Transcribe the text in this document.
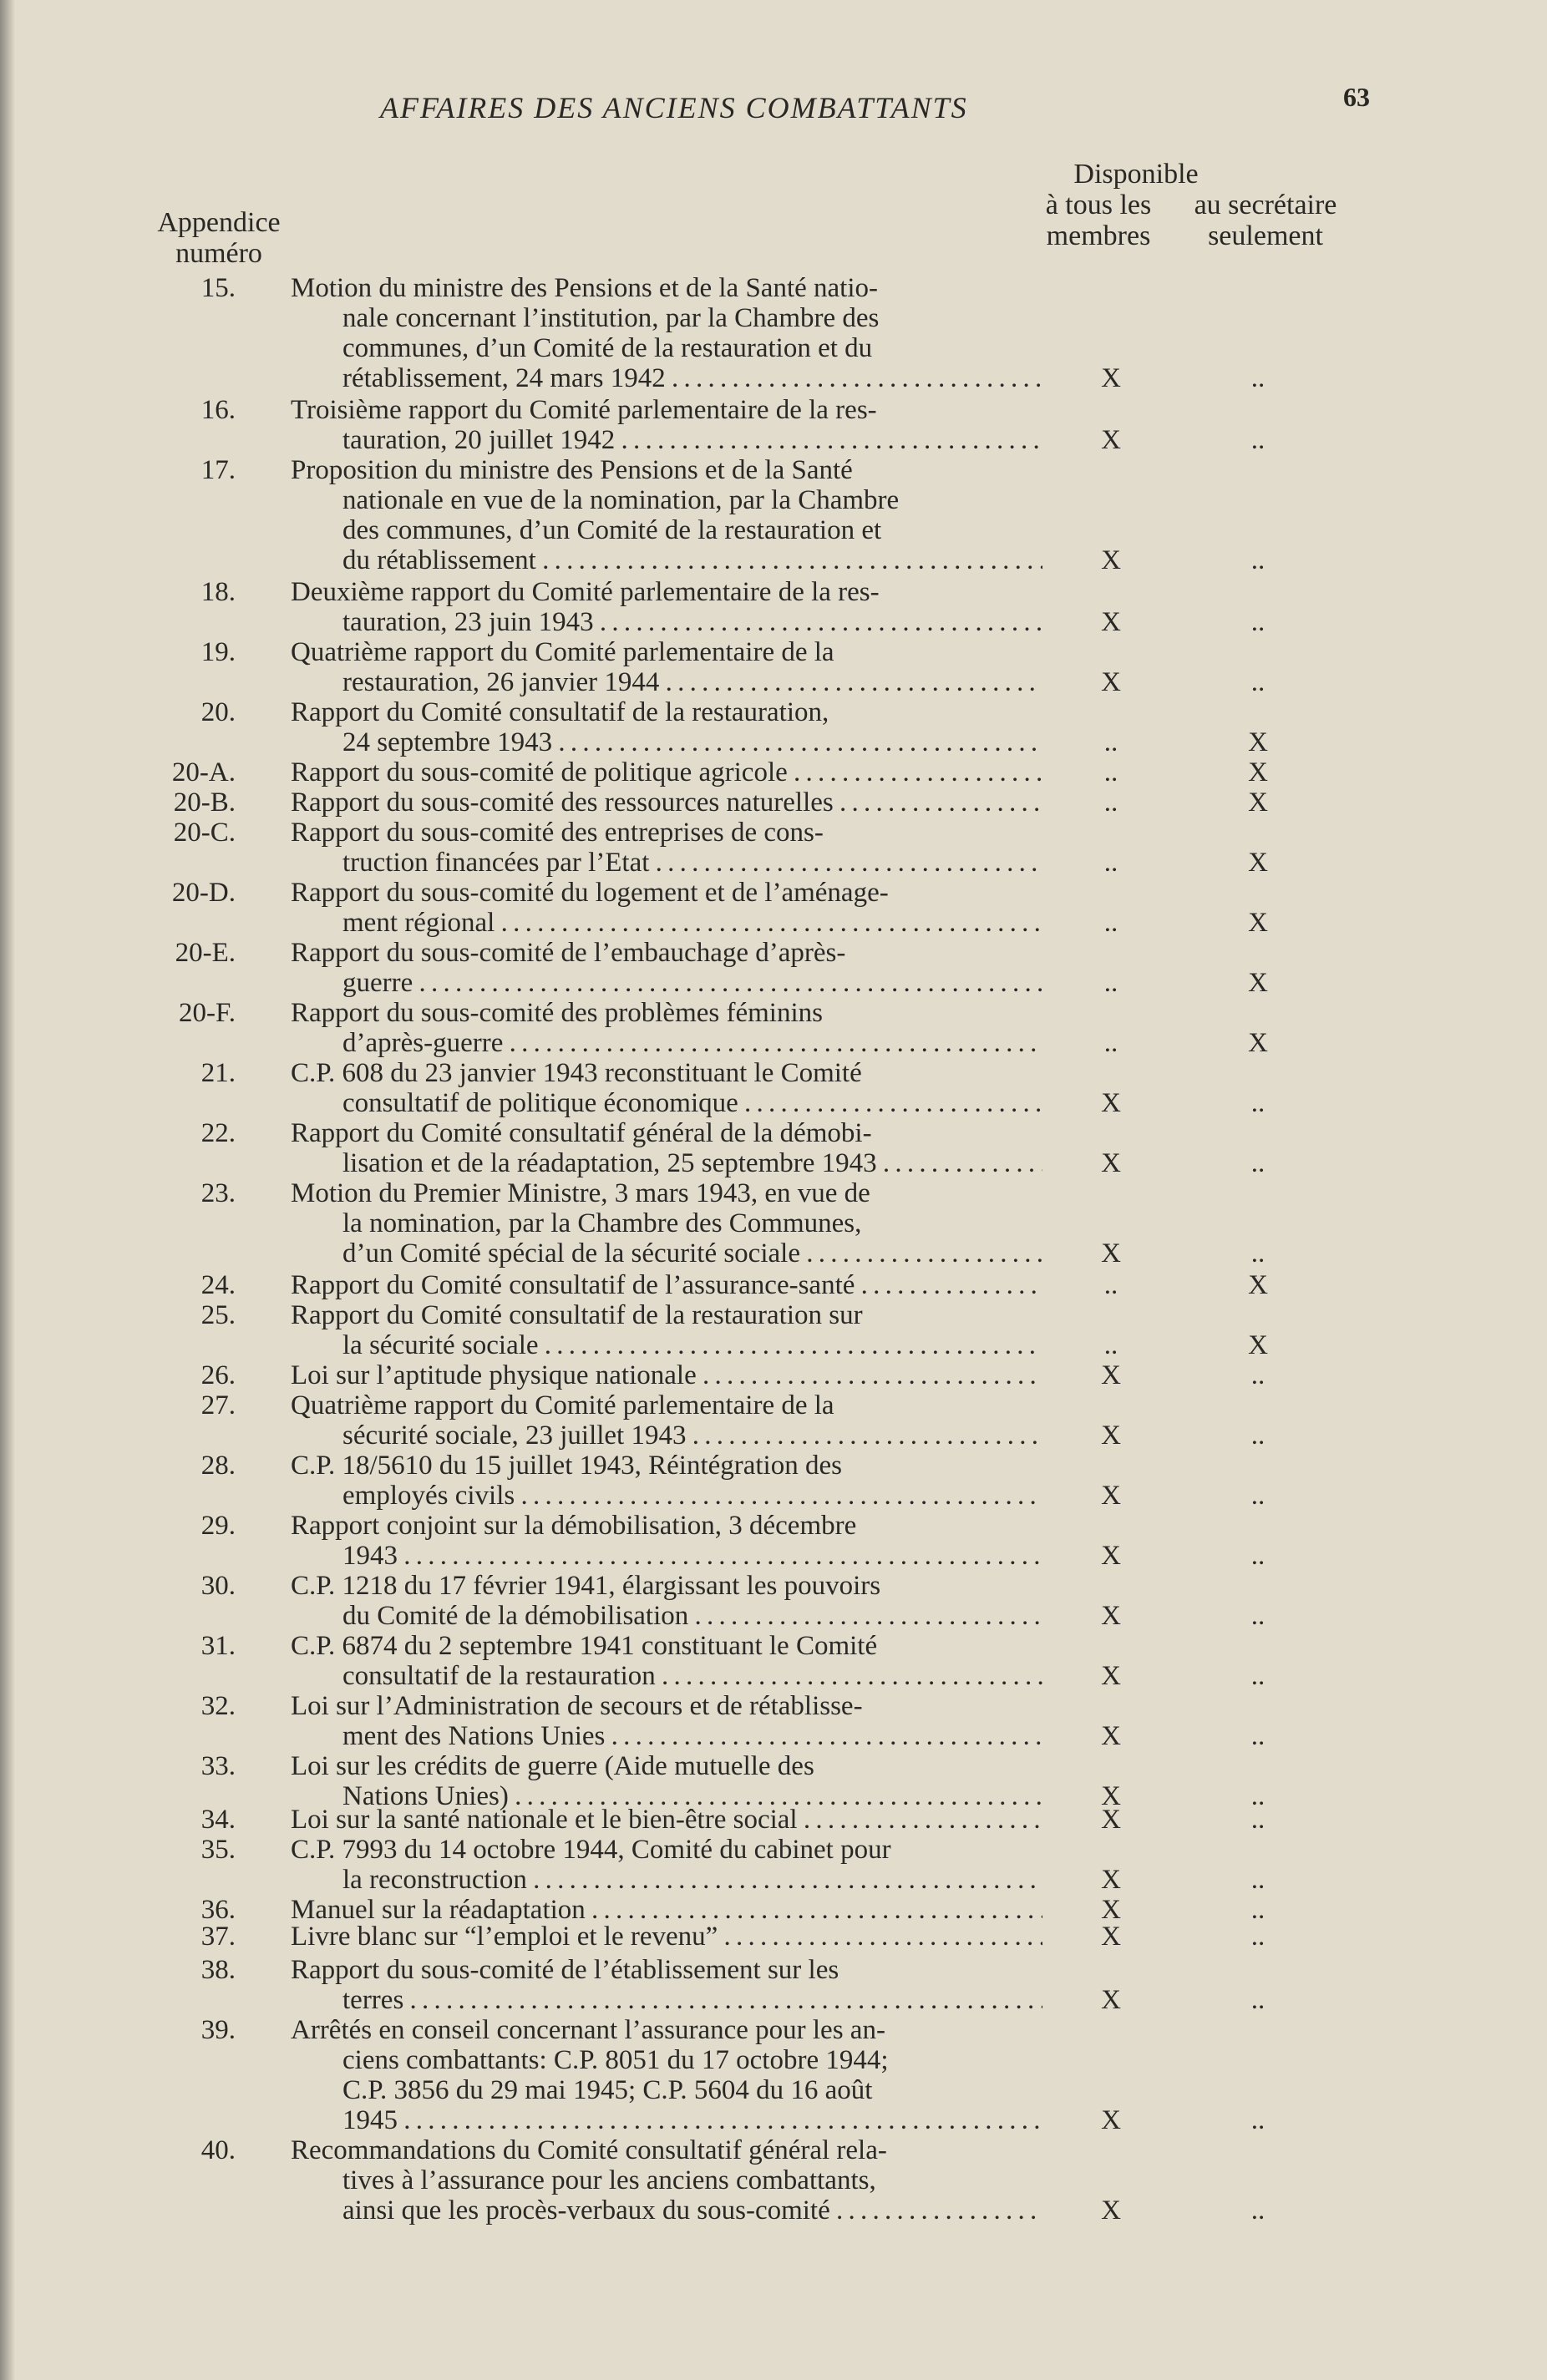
AFFAIRES DES ANCIENS COMBATTANTS	63
Appendice
numéro
Disponible
à tous les
membres
au secrétaire
seulement
15. Motion du ministre des Pensions et de la Santé natio-
nale concernant l’institution, par la Chambre des
communes, d’un Comité de la restauration et du
rétablissement, 24 mars 1942 . . .	X	..
16. Troisième rapport du Comité parlementaire de la res-
tauration, 20 juillet 1942 . . .	X	..
17. Proposition du ministre des Pensions et de la Santé
nationale en vue de la nomination, par la Chambre
des communes, d’un Comité de la restauration et
du rétablissement . . .	X	..
18. Deuxième rapport du Comité parlementaire de la res-
tauration, 23 juin 1943 . . .	X	..
19. Quatrième rapport du Comité parlementaire de la
restauration, 26 janvier 1944 . . .	X	..
20. Rapport du Comité consultatif de la restauration,
24 septembre 1943 . . .	..	X
20-A. Rapport du sous-comité de politique agricole . . .	..	X
20-B. Rapport du sous-comité des ressources naturelles . . .	..	X
20-C. Rapport du sous-comité des entreprises de cons-
truction financées par l’Etat . . .	..	X
20-D. Rapport du sous-comité du logement et de l’aménage-
ment régional . . .	..	X
20-E. Rapport du sous-comité de l’embauchage d’après-
guerre . . .	..	X
20-F. Rapport du sous-comité des problèmes féminins
d’après-guerre . . .	..	X
21. C.P. 608 du 23 janvier 1943 reconstituant le Comité
consultatif de politique économique . . .	X	..
22. Rapport du Comité consultatif général de la démobi-
lisation et de la réadaptation, 25 septembre 1943 . . .	X	..
23. Motion du Premier Ministre, 3 mars 1943, en vue de
la nomination, par la Chambre des Communes,
d’un Comité spécial de la sécurité sociale . . .	X	..
24. Rapport du Comité consultatif de l’assurance-santé . . .	..	X
25. Rapport du Comité consultatif de la restauration sur
la sécurité sociale . . .	..	X
26. Loi sur l’aptitude physique nationale . . .	X	..
27. Quatrième rapport du Comité parlementaire de la
sécurité sociale, 23 juillet 1943 . . .	X	..
28. C.P. 18/5610 du 15 juillet 1943, Réintégration des
employés civils . . .	X	..
29. Rapport conjoint sur la démobilisation, 3 décembre
1943 . . .	X	..
30. C.P. 1218 du 17 février 1941, élargissant les pouvoirs
du Comité de la démobilisation . . .	X	..
31. C.P. 6874 du 2 septembre 1941 constituant le Comité
consultatif de la restauration . . .	X	..
32. Loi sur l’Administration de secours et de rétablisse-
ment des Nations Unies . . .	X	..
33. Loi sur les crédits de guerre (Aide mutuelle des
Nations Unies) . . .	X	..
34. Loi sur la santé nationale et le bien-être social . . .	X	..
35. C.P. 7993 du 14 octobre 1944, Comité du cabinet pour
la reconstruction . . .	X	..
36. Manuel sur la réadaptation . . .	X	..
37. Livre blanc sur “l’emploi et le revenu” . . .	X	..
38. Rapport du sous-comité de l’établissement sur les
terres . . .	X	..
39. Arrêtés en conseil concernant l’assurance pour les an-
ciens combattants: C.P. 8051 du 17 octobre 1944;
C.P. 3856 du 29 mai 1945; C.P. 5604 du 16 août
1945 . . .	X	..
40. Recommandations du Comité consultatif général rela-
tives à l’assurance pour les anciens combattants,
ainsi que les procès-verbaux du sous-comité . . .	X	..
